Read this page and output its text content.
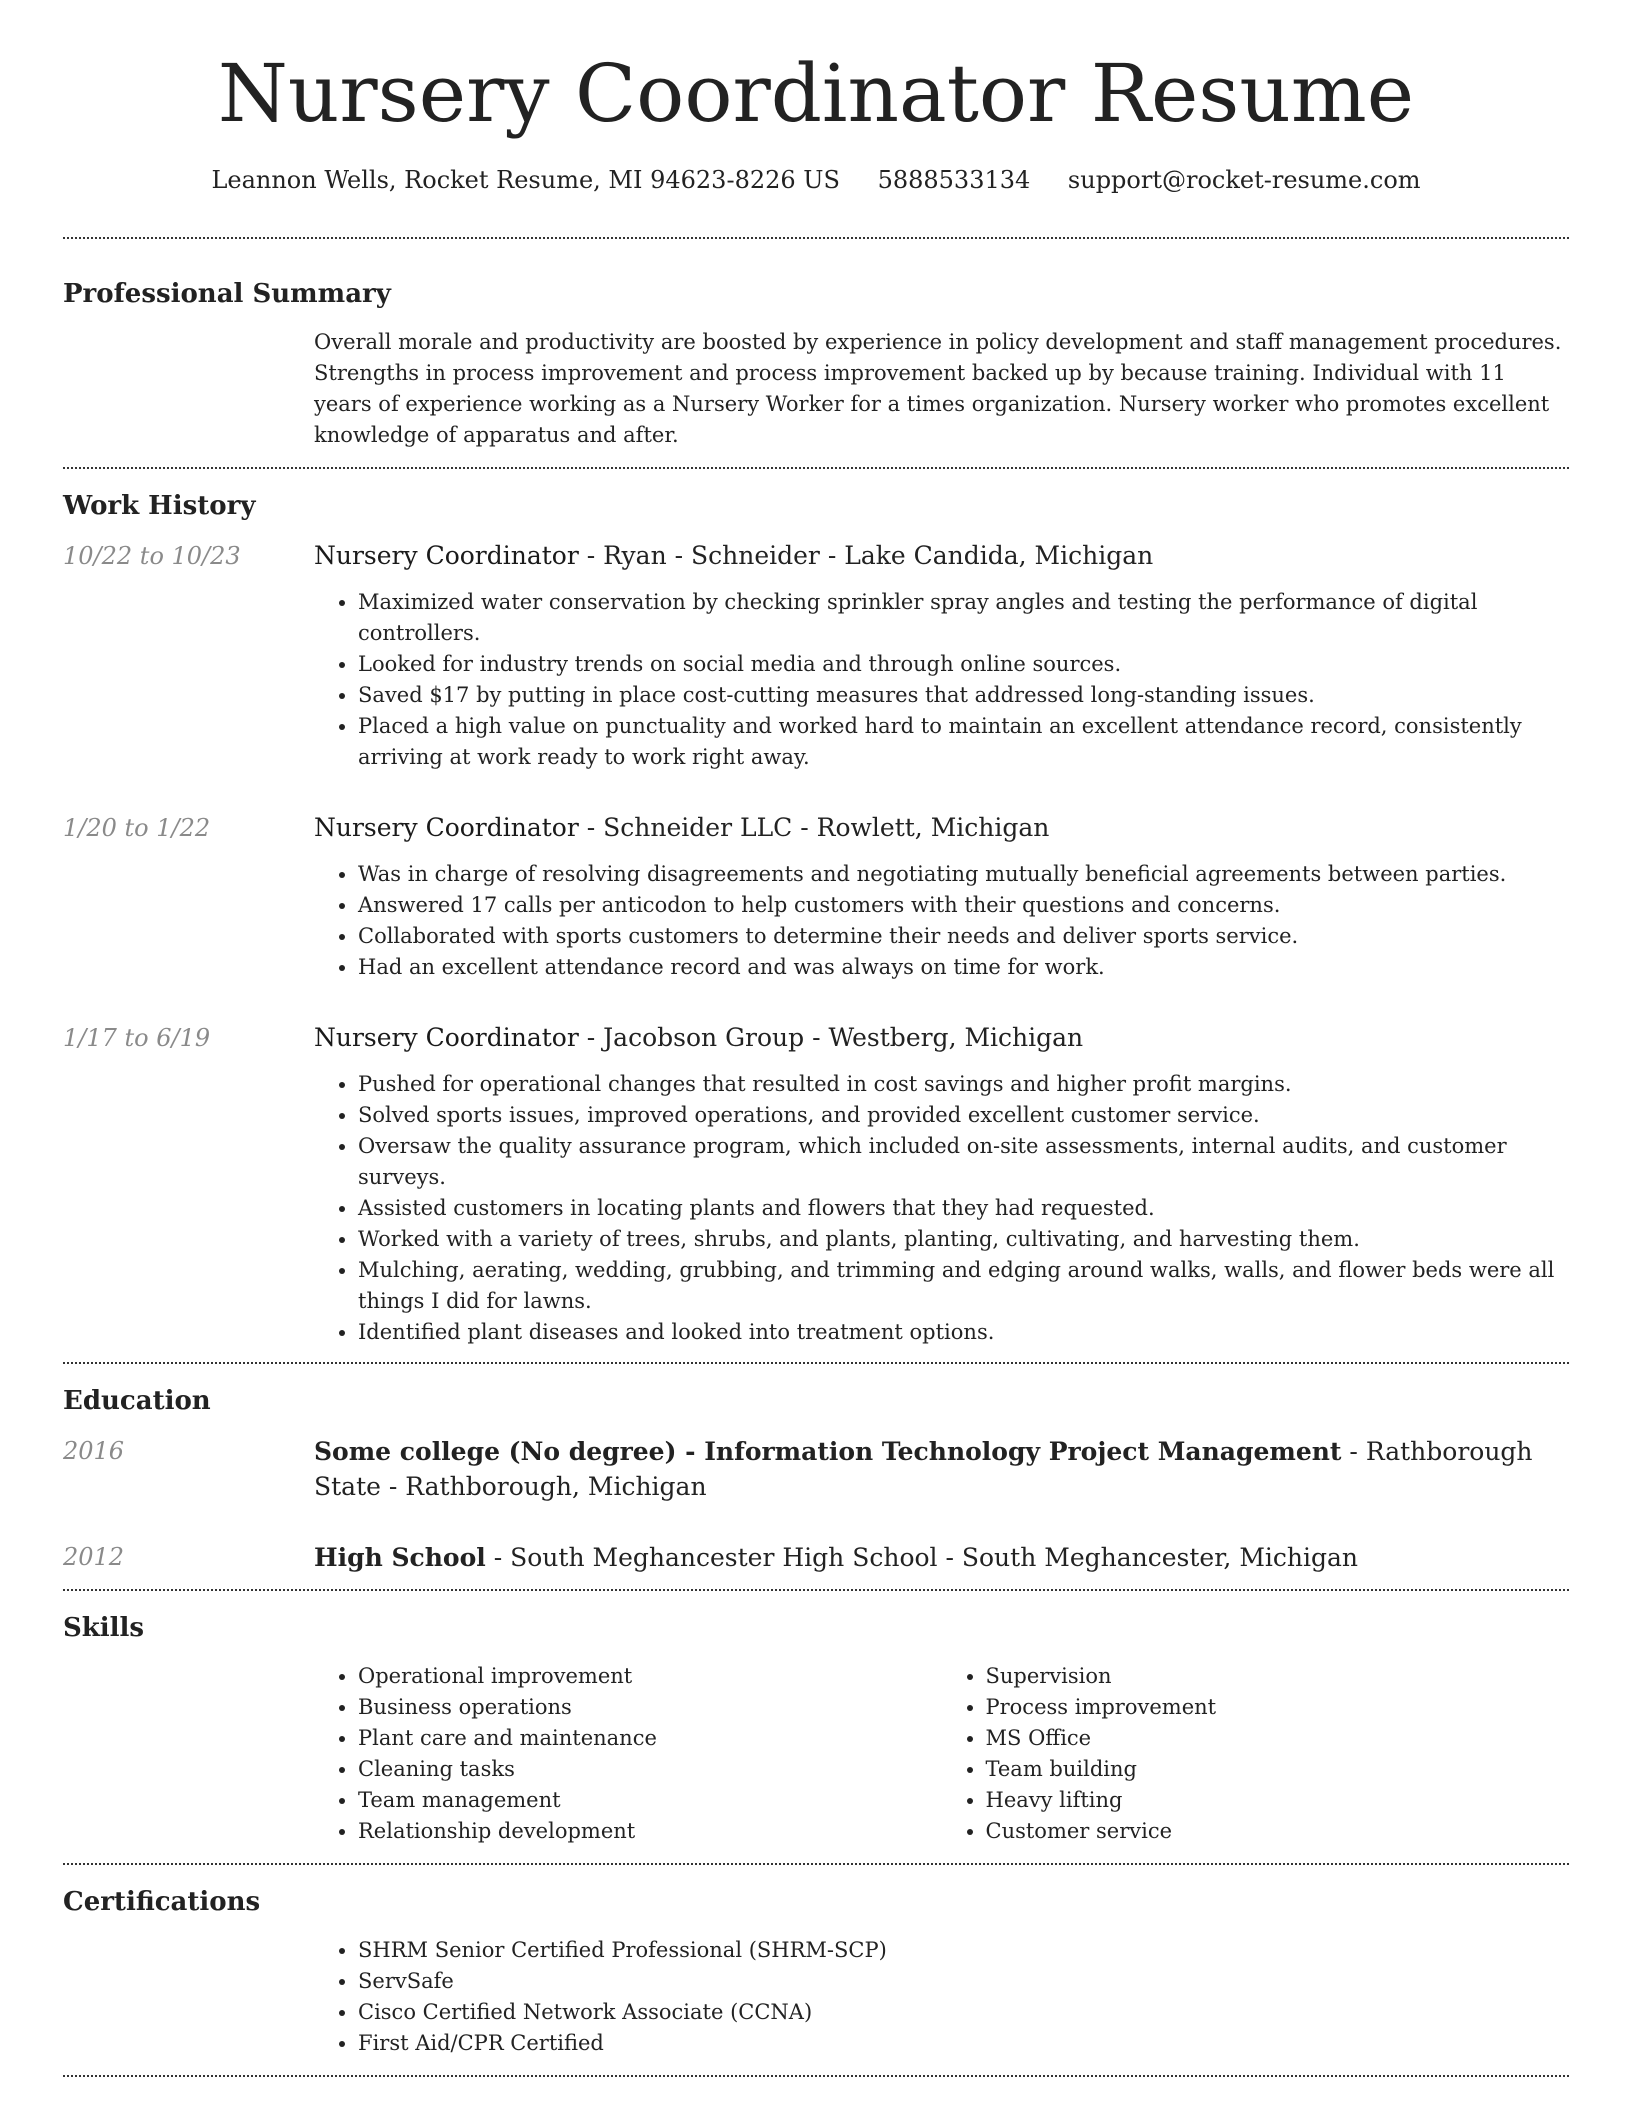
Nursery Coordinator Resume
Leannon Wells, Rocket Resume, MI 94623-8226 US 5888533134 support@rocket-resume.com
Professional Summary
Overall morale and productivity are boosted by experience in policy development and staff management procedures. Strengths in process improvement and process improvement backed up by because training. Individual with 11 years of experience working as a Nursery Worker for a times organization. Nursery worker who promotes excellent knowledge of apparatus and after.
Work History
10/22 to 10/23	Nursery Coordinator - Ryan - Schneider - Lake Candida, Michigan
• Maximized water conservation by checking sprinkler spray angles and testing the performance of digital controllers.
• Looked for industry trends on social media and through online sources.
• Saved $17 by putting in place cost-cutting measures that addressed long-standing issues.
• Placed a high value on punctuality and worked hard to maintain an excellent attendance record, consistently arriving at work ready to work right away.
1/20 to 1/22	Nursery Coordinator - Schneider LLC - Rowlett, Michigan
• Was in charge of resolving disagreements and negotiating mutually beneficial agreements between parties.
• Answered 17 calls per anticodon to help customers with their questions and concerns.
• Collaborated with sports customers to determine their needs and deliver sports service.
• Had an excellent attendance record and was always on time for work.
1/17 to 6/19	Nursery Coordinator - Jacobson Group - Westberg, Michigan
• Pushed for operational changes that resulted in cost savings and higher profit margins.
• Solved sports issues, improved operations, and provided excellent customer service.
• Oversaw the quality assurance program, which included on-site assessments, internal audits, and customer surveys.
• Assisted customers in locating plants and flowers that they had requested.
• Worked with a variety of trees, shrubs, and plants, planting, cultivating, and harvesting them.
• Mulching, aerating, wedding, grubbing, and trimming and edging around walks, walls, and flower beds were all things I did for lawns.
• Identified plant diseases and looked into treatment options.
Education
2016	Some college (No degree) - Information Technology Project Management - Rathborough State - Rathborough, Michigan
2012	High School - South Meghancester High School - South Meghancester, Michigan
Skills
• Operational improvement
• Business operations
• Plant care and maintenance
• Cleaning tasks
• Team management
• Relationship development
• Supervision
• Process improvement
• MS Office
• Team building
• Heavy lifting
• Customer service
Certifications
• SHRM Senior Certified Professional (SHRM-SCP)
• ServSafe
• Cisco Certified Network Associate (CCNA)
• First Aid/CPR Certified
